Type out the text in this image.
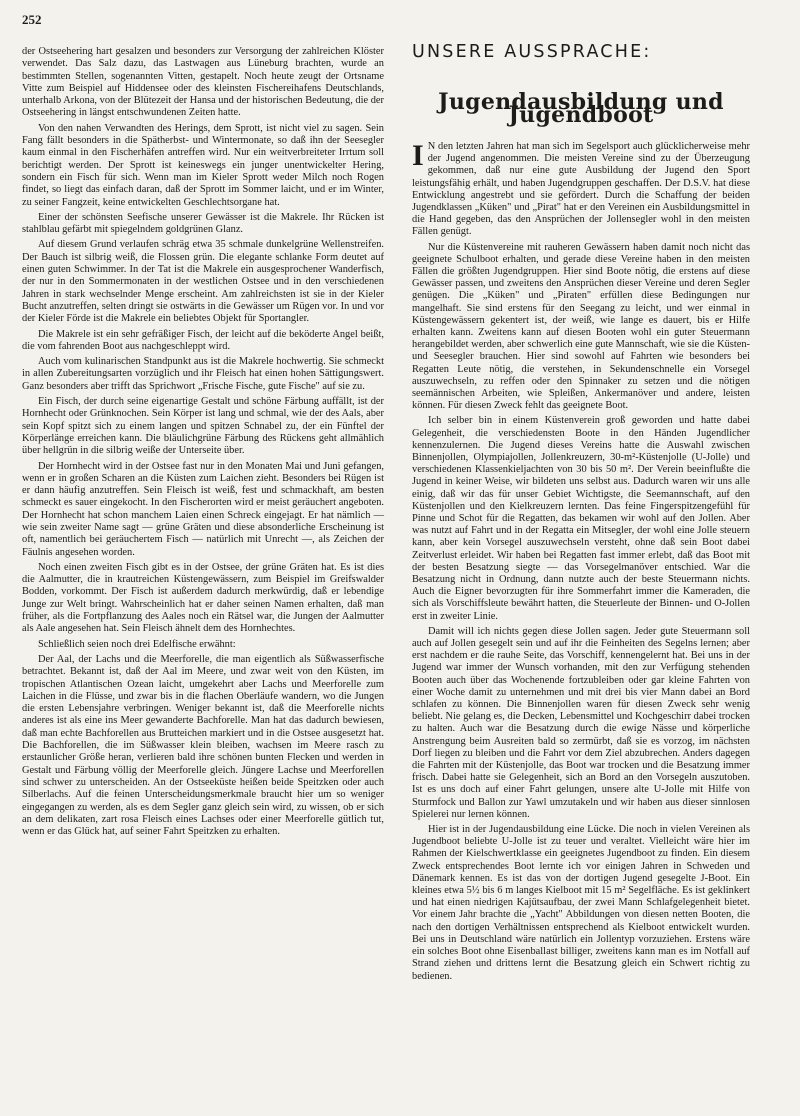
252

der Ostseehering hart gesalzen und besonders zur Versorgung der zahlreichen Klöster verwendet. Das Salz dazu, das Lastwagen aus Lüneburg brachten, wurde an bestimmten Stellen, sogenannten Vitten, gestapelt. Noch heute zeugt der Ortsname Vitte zum Beispiel auf Hiddensee oder des kleinsten Fischereihafens Deutschlands, unterhalb Arkona, von der Blütezeit der Hansa und der historischen Bedeutung, die der Ostseehering in längst entschwundenen Zeiten hatte.

Von den nahen Verwandten des Herings, dem Sprott, ist nicht viel zu sagen. Sein Fang fällt besonders in die Spätherbst- und Wintermonate, so daß ihn der Seesegler kaum einmal in den Fischerhäfen antreffen wird. Nur ein weitverbreiteter Irrtum soll berichtigt werden. Der Sprott ist keineswegs ein junger unentwickelter Hering, sondern ein Fisch für sich. Wenn man im Kieler Sprott weder Milch noch Rogen findet, so liegt das einfach daran, daß der Sprott im Sommer laicht, und er im Winter, zu seiner Fangzeit, keine entwickelten Geschlechtsorgane hat.

Einer der schönsten Seefische unserer Gewässer ist die Makrele. Ihr Rücken ist stahlblau gefärbt mit spiegelndem goldgrünen Glanz.

Auf diesem Grund verlaufen schräg etwa 35 schmale dunkelgrüne Wellenstreifen. Der Bauch ist silbrig weiß, die Flossen grün. Die elegante schlanke Form deutet auf einen guten Schwimmer. In der Tat ist die Makrele ein ausgesprochener Wanderfisch, der nur in den Sommermonaten in der westlichen Ostsee und in den verschiedenen Jahren in stark wechselnder Menge erscheint. Am zahlreichsten ist sie in der Kieler Bucht anzutreffen, selten dringt sie ostwärts in die Gewässer um Rügen vor. In und vor der Kieler Förde ist die Makrele ein beliebtes Objekt für Sportangler.

Die Makrele ist ein sehr gefräßiger Fisch, der leicht auf die beköderte Angel beißt, die vom fahrenden Boot aus nachgeschleppt wird.

Auch vom kulinarischen Standpunkt aus ist die Makrele hochwertig. Sie schmeckt in allen Zubereitungsarten vorzüglich und ihr Fleisch hat einen hohen Sättigungswert. Ganz besonders aber trifft das Sprichwort „Frische Fische, gute Fische" auf sie zu.

Ein Fisch, der durch seine eigenartige Gestalt und schöne Färbung auffällt, ist der Hornhecht oder Grünknochen. Sein Körper ist lang und schmal, wie der des Aals, aber sein Kopf spitzt sich zu einem langen und spitzen Schnabel zu, der ein Fünftel der Körperlänge erreichen kann. Die bläulichgrüne Färbung des Rückens geht allmählich über hellgrün in die silbrig weiße der Unterseite über.

Der Hornhecht wird in der Ostsee fast nur in den Monaten Mai und Juni gefangen, wenn er in großen Scharen an die Küsten zum Laichen zieht. Besonders bei Rügen ist er dann häufig anzutreffen. Sein Fleisch ist weiß, fest und schmackhaft, am besten schmeckt es sauer eingekocht. In den Fischerorten wird er meist geräuchert angeboten. Der Hornhecht hat schon manchem Laien einen Schreck eingejagt. Er hat nämlich — wie sein zweiter Name sagt — grüne Gräten und diese absonderliche Erscheinung ist oft, namentlich bei geräuchertem Fisch — natürlich mit Unrecht —, als Zeichen der Fäulnis angesehen worden.

Noch einen zweiten Fisch gibt es in der Ostsee, der grüne Gräten hat. Es ist dies die Aalmutter, die in krautreichen Küstengewässern, zum Beispiel im Greifswalder Bodden, vorkommt. Der Fisch ist außerdem dadurch merkwürdig, daß er lebendige Junge zur Welt bringt. Wahrscheinlich hat er daher seinen Namen erhalten, daß man früher, als die Fortpflanzung des Aales noch ein Rätsel war, die Jungen der Aalmutter als Aale angesehen hat. Sein Fleisch ähnelt dem des Hornhechtes.

Schließlich seien noch drei Edelfische erwähnt:

Der Aal, der Lachs und die Meerforelle, die man eigentlich als Süßwasserfische betrachtet. Bekannt ist, daß der Aal im Meere, und zwar weit von den Küsten, im tropischen Atlantischen Ozean laicht, umgekehrt aber Lachs und Meerforelle zum Laichen in die Flüsse, und zwar bis in die flachen Oberläufe wandern, wo die Jungen die ersten Lebensjahre verbringen. Weniger bekannt ist, daß die Meerforelle nichts anderes ist als eine ins Meer gewanderte Bachforelle. Man hat das dadurch bewiesen, daß man echte Bachforellen aus Brutteichen markiert und in die Ostsee ausgesetzt hat. Die Bachforellen, die im Süßwasser klein bleiben, wachsen im Meere rasch zu erstaunlicher Größe heran, verlieren bald ihre schönen bunten Flecken und werden in Gestalt und Färbung völlig der Meerforelle gleich. Jüngere Lachse und Meerforellen sind schwer zu unterscheiden. An der Ostseeküste heißen beide Speitzken oder auch Silberlachs. Auf die feinen Unterscheidungsmerkmale braucht hier um so weniger eingegangen zu werden, als es dem Segler ganz gleich sein wird, zu wissen, ob er sich an dem delikaten, zart rosa Fleisch eines Lachses oder einer Meerforelle gütlich tut, wenn er das Glück hat, auf seiner Fahrt Speitzken zu erhalten.

UNSERE AUSSPRACHE:
Jugendausbildung und Jugendboot

I N den letzten Jahren hat man sich im Segelsport auch glücklicherweise mehr der Jugend angenommen. Die meisten Vereine sind zu der Überzeugung gekommen, daß nur eine gute Ausbildung der Jugend den Sport leistungsfähig erhält, und haben Jugendgruppen geschaffen. Der D.S.V. hat diese Entwicklung angestrebt und sie gefördert. Durch die Schaffung der beiden Jugendklassen „Küken" und „Pirat" hat er den Vereinen ein Ausbildungsmittel in die Hand gegeben, das den Ansprüchen der Jollensegler wohl in den meisten Fällen genügt.

Nur die Küstenvereine mit rauheren Gewässern haben damit noch nicht das geeignete Schulboot erhalten, und gerade diese Vereine haben in den meisten Fällen die größten Jugendgruppen. Hier sind Boote nötig, die erstens auf diese Gewässer passen, und zweitens den Ansprüchen dieser Vereine und deren Segler genügen. Die „Küken" und „Piraten" erfüllen diese Bedingungen nur mangelhaft. Sie sind erstens für den Seegang zu leicht, und wer einmal in Küstengewässern gekentert ist, der weiß, wie lange es dauert, bis er Hilfe erhalten kann. Zweitens kann auf diesen Booten wohl ein guter Steuermann herangebildet werden, aber schwerlich eine gute Mannschaft, wie sie die Küsten- und Seesegler brauchen. Hier sind sowohl auf Fahrten wie besonders bei Regatten Leute nötig, die verstehen, in Sekundenschnelle ein Vorsegel auszuwechseln, zu reffen oder den Spinnaker zu setzen und die nötigen seemännischen Arbeiten, wie Spleißen, Ankermanöver und andere, leisten können. Für diesen Zweck fehlt das geeignete Boot.

Ich selber bin in einem Küstenverein groß geworden und hatte dabei Gelegenheit, die verschiedensten Boote in den Händen Jugendlicher kennenzulernen. Die Jugend dieses Vereins hatte die Auswahl zwischen Binnenjollen, Olympiajollen, Jollenkreuzern, 30-m²-Küstenjolle (U-Jolle) und verschiedenen Klassenkieljachten von 30 bis 50 m². Der Verein beeinflußte die Jugend in keiner Weise, wir bildeten uns selbst aus. Dadurch waren wir uns alle einig, daß wir das für unser Gebiet Wichtigste, die Seemannschaft, auf den Küstenjollen und den Kielkreuzern lernten. Das feine Fingerspitzengefühl für Pinne und Schot für die Regatten, das bekamen wir wohl auf den Jollen. Aber was nutzt auf Fahrt und in der Regatta ein Mitsegler, der wohl eine Jolle steuern kann, aber kein Vorsegel auszuwechseln versteht, ohne daß sein Boot dabei Zeitverlust erleidet. Wir haben bei Regatten fast immer erlebt, daß das Boot mit der besten Besatzung siegte — das Vorsegelmanöver entschied. War die Besatzung nicht in Ordnung, dann nutzte auch der beste Steuermann nichts. Auch die Eigner bevorzugten für ihre Sommerfahrt immer die Kameraden, die sich als Vorschiffsleute bewährt hatten, die Steuerleute der Binnen- und O-Jollen erst in zweiter Linie.

Damit will ich nichts gegen diese Jollen sagen. Jeder gute Steuermann soll auch auf Jollen gesegelt sein und auf ihr die Feinheiten des Segelns lernen; aber erst nachdem er die rauhe Seite, das Vorschiff, kennengelernt hat. Bei uns in der Jugend war immer der Wunsch vorhanden, mit den zur Verfügung stehenden Booten auch über das Wochenende fortzubleiben oder gar kleine Fahrten von einer Woche damit zu unternehmen und mit drei bis vier Mann dabei an Bord schlafen zu können. Die Binnenjollen waren für diesen Zweck sehr wenig beliebt. Nie gelang es, die Decken, Lebensmittel und Kochgeschirr dabei trocken zu halten. Auch war die Besatzung durch die ewige Nässe und körperliche Anstrengung beim Ausreiten bald so zermürbt, daß sie es vorzog, im nächsten Dorf liegen zu bleiben und die Fahrt vor dem Ziel abzubrechen. Anders dagegen die Fahrten mit der Küstenjolle, das Boot war trocken und die Besatzung immer frisch. Dabei hatte sie Gelegenheit, sich an Bord an den Vorsegeln auszutoben. Ist es uns doch auf einer Fahrt gelungen, unsere alte U-Jolle mit Hilfe von Sturmfock und Ballon zur Yawl umzutakeln und wir haben aus dieser sinnlosen Spielerei nur lernen können.

Hier ist in der Jugendausbildung eine Lücke. Die noch in vielen Vereinen als Jugendboot beliebte U-Jolle ist zu teuer und veraltet. Vielleicht wäre hier im Rahmen der Kielschwertklasse ein geeignetes Jugendboot zu finden. Ein diesem Zweck entsprechendes Boot lernte ich vor einigen Jahren in Schweden und Dänemark kennen. Es ist das von der dortigen Jugend gesegelte J-Boot. Ein kleines etwa 5½ bis 6 m langes Kielboot mit 15 m² Segelfläche. Es ist geklinkert und hat einen niedrigen Kajütsaufbau, der zwei Mann Schlafgelegenheit bietet. Vor einem Jahr brachte die „Yacht" Abbildungen von diesen netten Booten, die nach den dortigen Verhältnissen entsprechend als Kielboot entwickelt wurden. Bei uns in Deutschland wäre natürlich ein Jollentyp vorzuziehen. Erstens wäre ein solches Boot ohne Eisenballast billiger, zweitens kann man es im Notfall auf Strand ziehen und drittens lernt die Besatzung gleich ein Schwert richtig zu bedienen.
